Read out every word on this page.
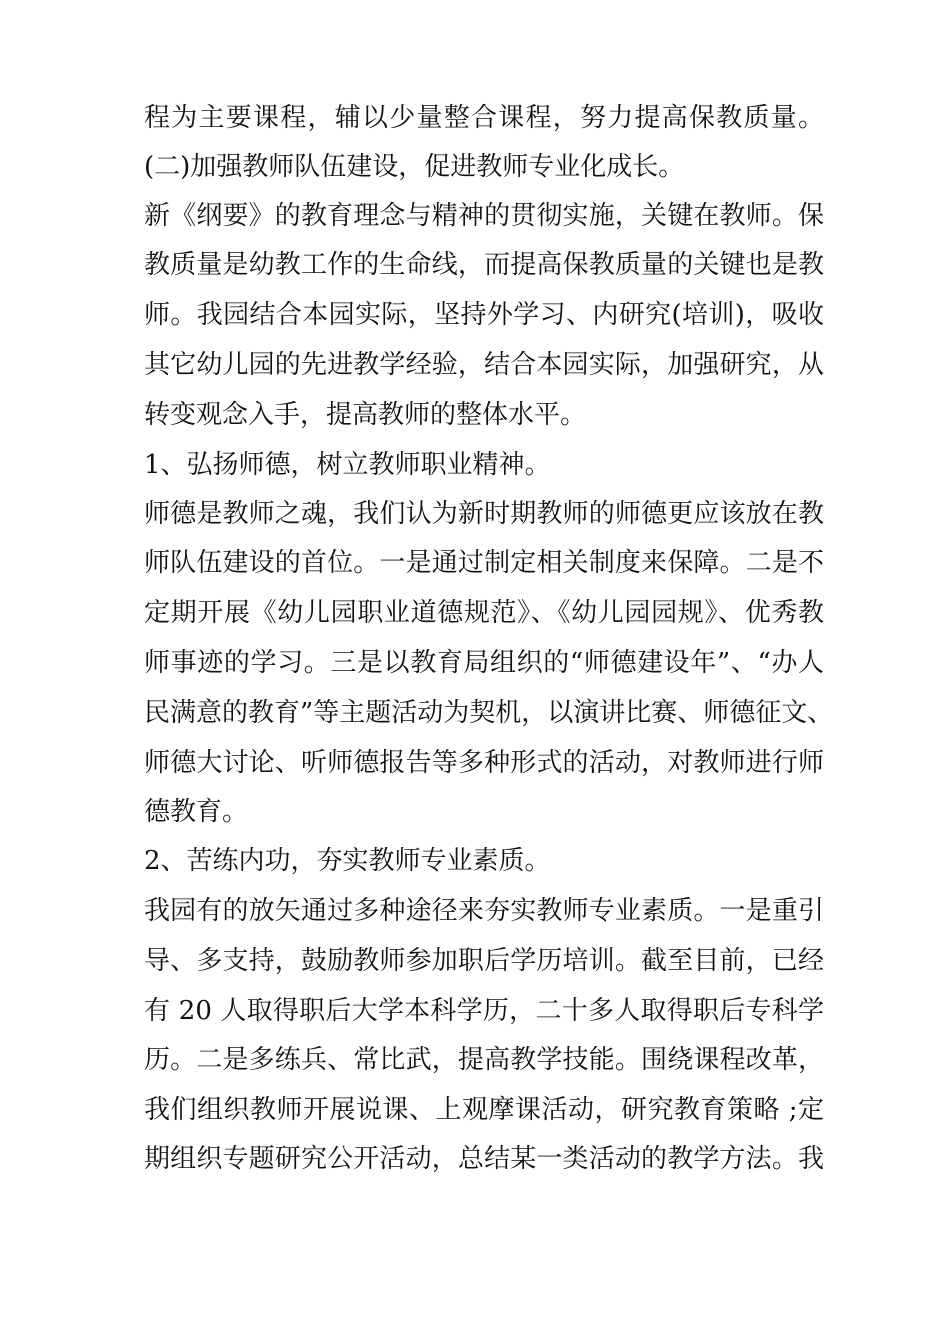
程为主要课程，辅以少量整合课程，努力提高保教质量。
(二)加强教师队伍建设，促进教师专业化成长。
新《纲要》的教育理念与精神的贯彻实施，关键在教师。保
教质量是幼教工作的生命线，而提高保教质量的关键也是教
师。我园结合本园实际，坚持外学习、内研究(培训)，吸收
其它幼儿园的先进教学经验，结合本园实际，加强研究，从
转变观念入手，提高教师的整体水平。
1、弘扬师德，树立教师职业精神。
师德是教师之魂，我们认为新时期教师的师德更应该放在教
师队伍建设的首位。一是通过制定相关制度来保障。二是不
定期开展《幼儿园职业道德规范》、《幼儿园园规》、优秀教
师事迹的学习。三是以教育局组织的“师德建设年”、“办人
民满意的教育”等主题活动为契机，以演讲比赛、师德征文、
师德大讨论、听师德报告等多种形式的活动，对教师进行师
德教育。
2、苦练内功，夯实教师专业素质。
我园有的放矢通过多种途径来夯实教师专业素质。一是重引
导、多支持，鼓励教师参加职后学历培训。截至目前，已经
有 20 人取得职后大学本科学历，二十多人取得职后专科学
历。二是多练兵、常比武，提高教学技能。围绕课程改革，
我们组织教师开展说课、上观摩课活动，研究教育策略 ;定
期组织专题研究公开活动，总结某一类活动的教学方法。我
